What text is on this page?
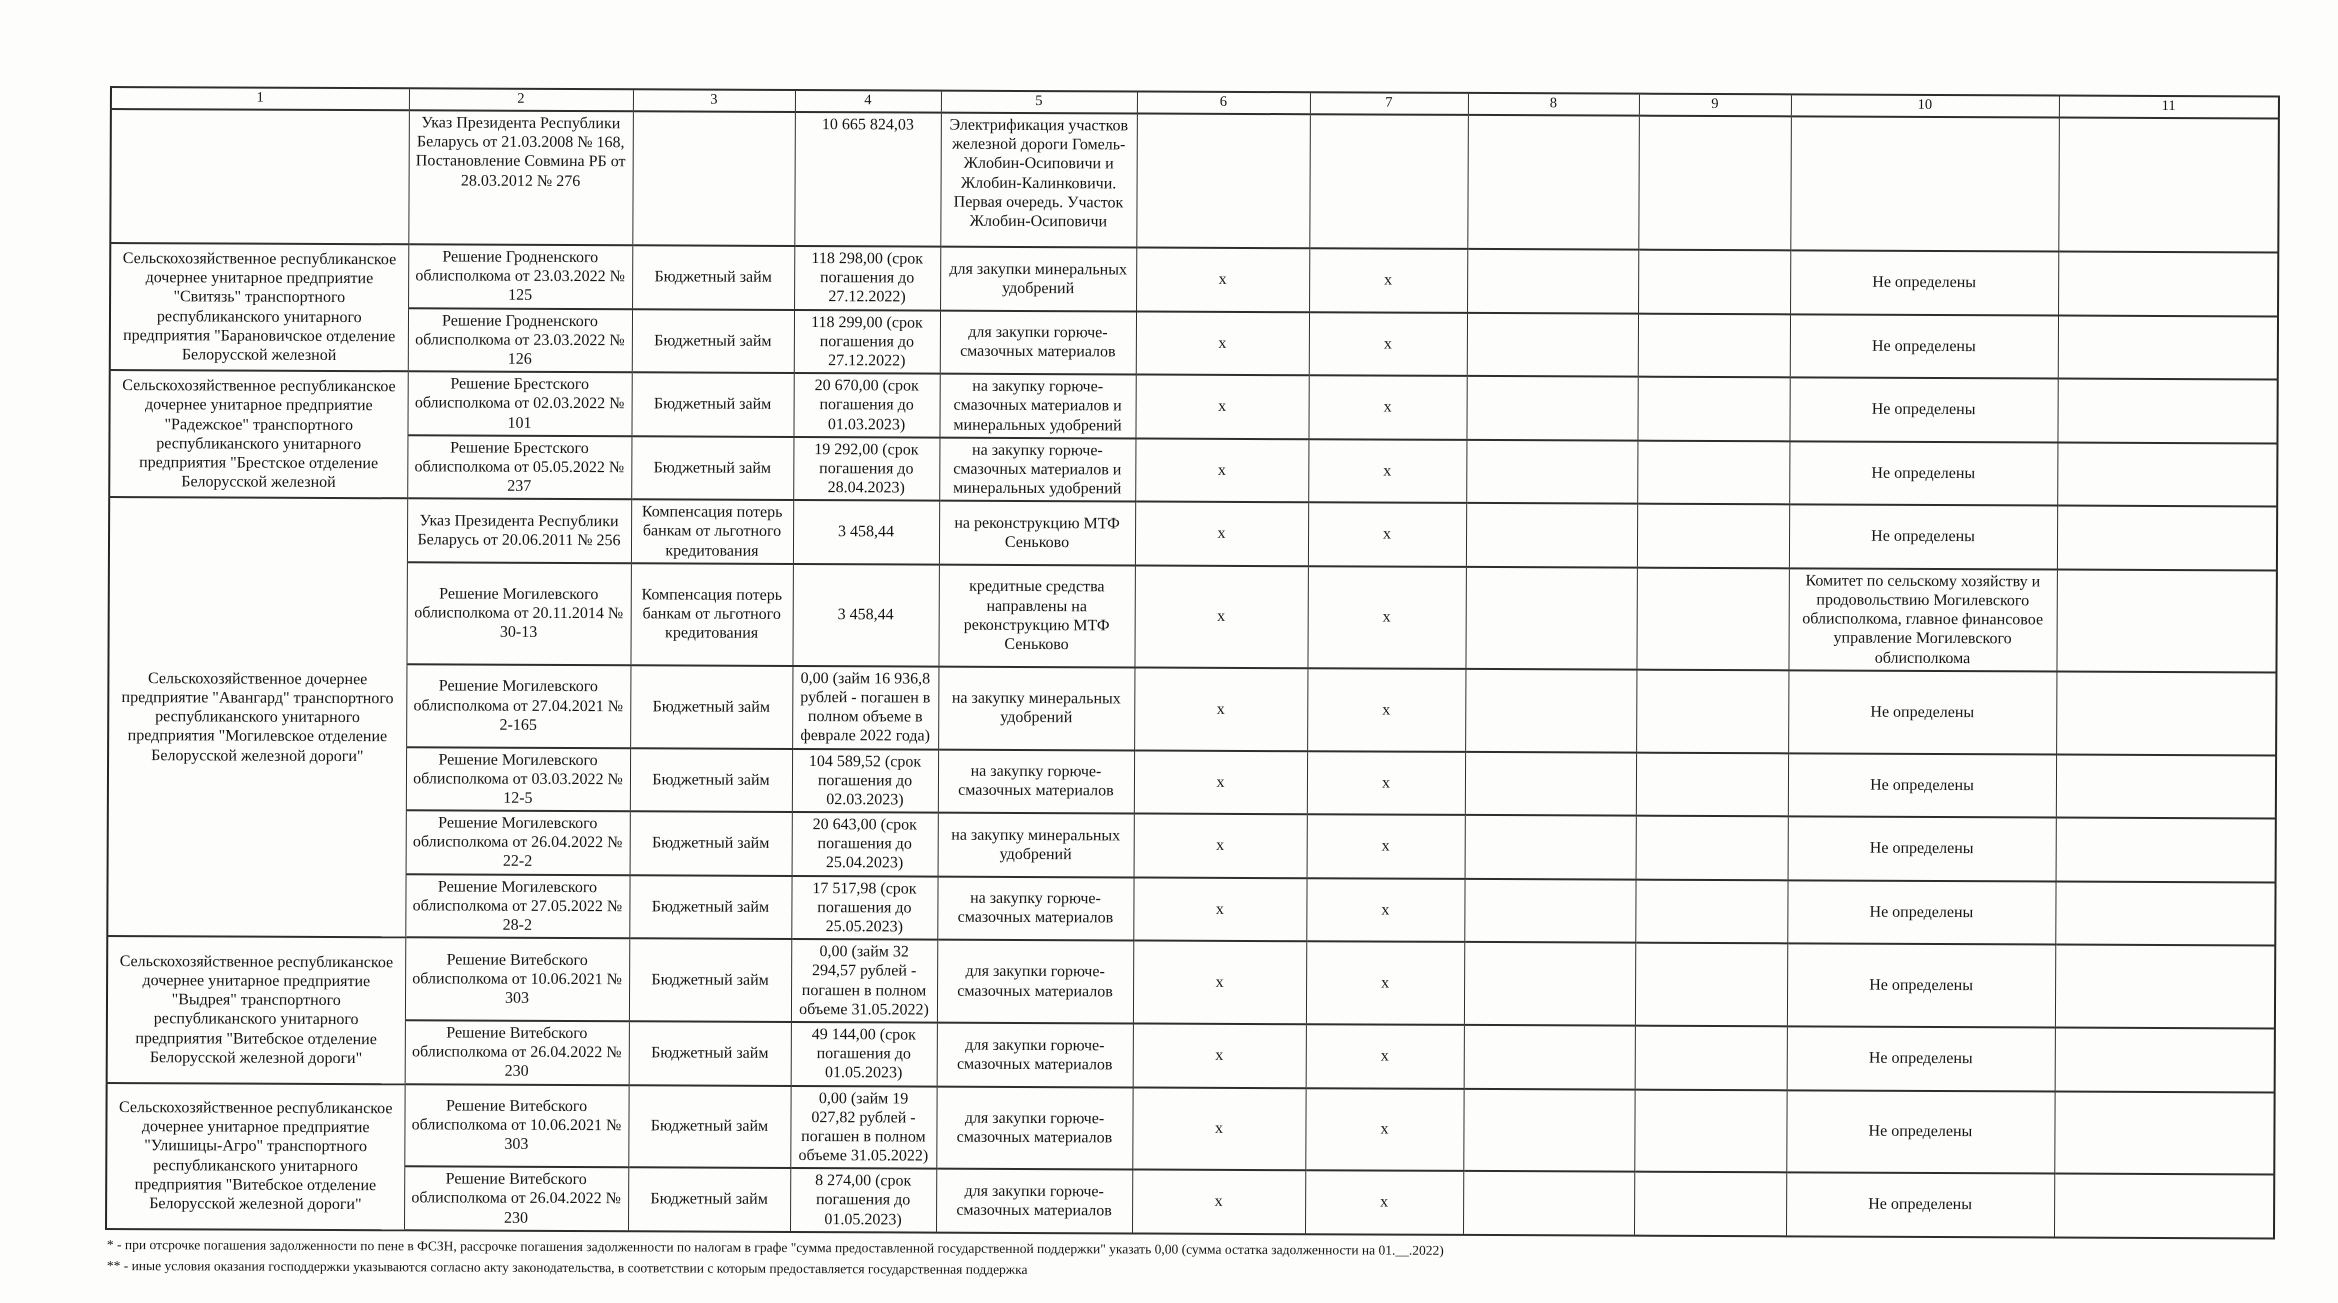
1	2	3	4	5	6	7	8	9	10	11
	Указ Президента Республики Беларусь от 21.03.2008 № 168, Постановление Совмина РБ от 28.03.2012 № 276		10 665 824,03	Электрификация участков железной дороги Гомель-Жлобин-Осиповичи и Жлобин-Калинковичи. Первая очередь. Участок Жлобин-Осиповичи						
Сельскохозяйственное республиканское дочернее унитарное предприятие "Свитязь" транспортного республиканского унитарного предприятия "Барановичское отделение Белорусской железной	Решение Гродненского облисполкома от 23.03.2022 № 125	Бюджетный займ	118 298,00 (срок погашения до 27.12.2022)	для закупки минеральных удобрений	х	х			Не определены	
	Решение Гродненского облисполкома от 23.03.2022 № 126	Бюджетный займ	118 299,00 (срок погашения до 27.12.2022)	для закупки горюче-смазочных материалов	х	х			Не определены	
Сельскохозяйственное республиканское дочернее унитарное предприятие "Радежское" транспортного республиканского унитарного предприятия "Брестское отделение Белорусской железной	Решение Брестского облисполкома от 02.03.2022 № 101	Бюджетный займ	20 670,00 (срок погашения до 01.03.2023)	на закупку горюче-смазочных материалов и минеральных удобрений	х	х			Не определены	
	Решение Брестского облисполкома от 05.05.2022 № 237	Бюджетный займ	19 292,00 (срок погашения до 28.04.2023)	на закупку горюче-смазочных материалов и минеральных удобрений	х	х			Не определены	
Сельскохозяйственное дочернее предприятие "Авангард" транспортного республиканского унитарного предприятия "Могилевское отделение Белорусской железной дороги"	Указ Президента Республики Беларусь от 20.06.2011 № 256	Компенсация потерь банкам от льготного кредитования	3 458,44	на реконструкцию МТФ Сеньково	х	х			Не определены	
	Решение Могилевского облисполкома от 20.11.2014 № 30-13	Компенсация потерь банкам от льготного кредитования	3 458,44	кредитные средства направлены на реконструкцию МТФ Сеньково	х	х			Комитет по сельскому хозяйству и продовольствию Могилевского облисполкома, главное финансовое управление Могилевского облисполкома	
	Решение Могилевского облисполкома от 27.04.2021 № 2-165	Бюджетный займ	0,00 (займ 16 936,8 рублей - погашен в полном объеме в феврале 2022 года)	на закупку минеральных удобрений	х	х			Не определены	
	Решение Могилевского облисполкома от 03.03.2022 № 12-5	Бюджетный займ	104 589,52 (срок погашения до 02.03.2023)	на закупку горюче-смазочных материалов	х	х			Не определены	
	Решение Могилевского облисполкома от 26.04.2022 № 22-2	Бюджетный займ	20 643,00 (срок погашения до 25.04.2023)	на закупку минеральных удобрений	х	х			Не определены	
	Решение Могилевского облисполкома от 27.05.2022 № 28-2	Бюджетный займ	17 517,98 (срок погашения до 25.05.2023)	на закупку горюче-смазочных материалов	х	х			Не определены	
Сельскохозяйственное республиканское дочернее унитарное предприятие "Выдрея" транспортного республиканского унитарного предприятия "Витебское отделение Белорусской железной дороги"	Решение Витебского облисполкома от 10.06.2021 № 303	Бюджетный займ	0,00 (займ 32 294,57 рублей - погашен в полном объеме 31.05.2022)	для закупки горюче-смазочных материалов	х	х			Не определены	
	Решение Витебского облисполкома от 26.04.2022 № 230	Бюджетный займ	49 144,00 (срок погашения до 01.05.2023)	для закупки горюче-смазочных материалов	х	х			Не определены	
Сельскохозяйственное республиканское дочернее унитарное предприятие "Улишицы-Агро" транспортного республиканского унитарного предприятия "Витебское отделение Белорусской железной дороги"	Решение Витебского облисполкома от 10.06.2021 № 303	Бюджетный займ	0,00 (займ 19 027,82 рублей - погашен в полном объеме 31.05.2022)	для закупки горюче-смазочных материалов	х	х			Не определены	
	Решение Витебского облисполкома от 26.04.2022 № 230	Бюджетный займ	8 274,00 (срок погашения до 01.05.2023)	для закупки горюче-смазочных материалов	х	х			Не определены	
* - при отсрочке погашения задолженности по пене в ФСЗН, рассрочке погашения задолженности по налогам в графе "сумма предоставленной государственной поддержки" указать 0,00 (сумма остатка задолженности на 01.__.2022)
** - иные условия оказания господдержки указываются согласно акту законодательства, в соответствии с которым предоставляется государственная поддержка
